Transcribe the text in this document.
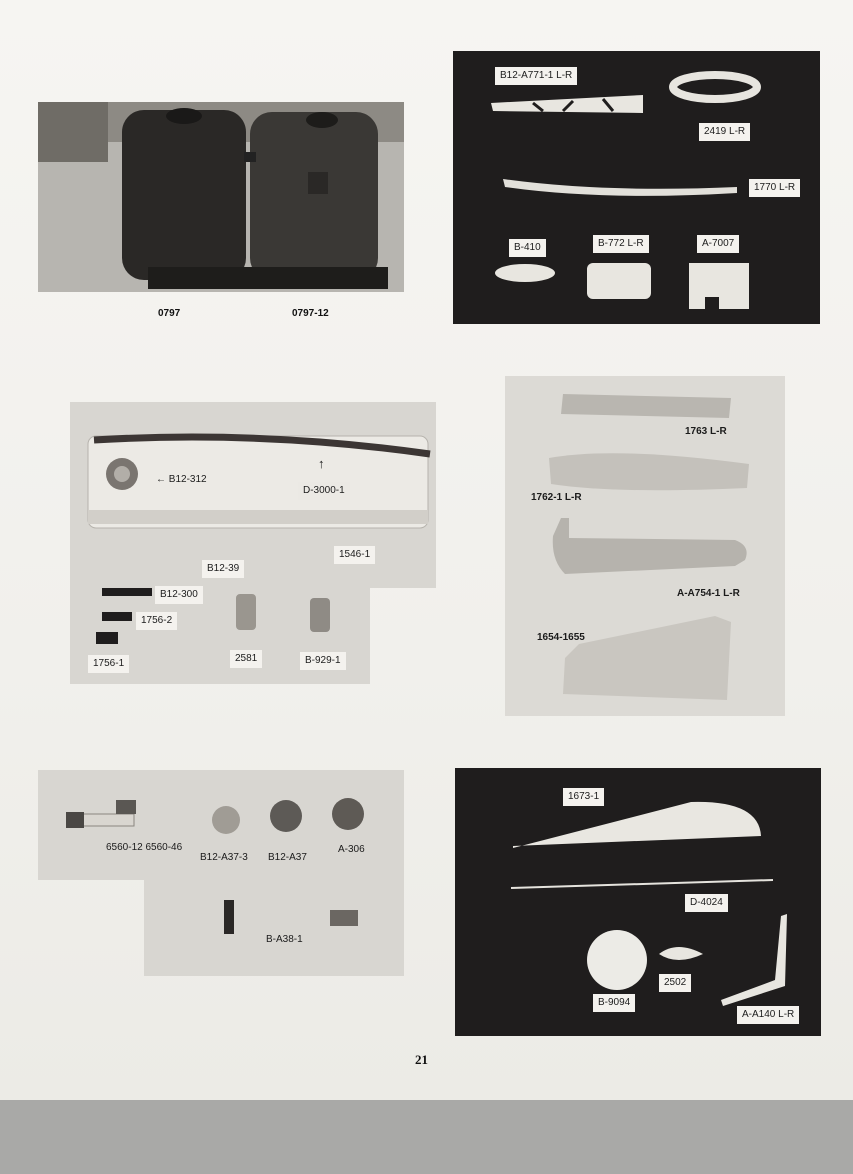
0797	0797-12
B12-A771-1 L-R
2419 L-R
1770 L-R
B-410	B-772 L-R	A-7007
← B12-312
↑
D-3000-1
1546-1
B12-39
B12-300
1756-2
1756-1	2581	B-929-1
1763 L-R
1762-1 L-R
A-A754-1 L-R
1654-1655
6560-12 6560-46
B12-A37-3 B12-A37
A-306
B-A38-1
1673-1
D-4024
B-9094
2502
A-A140 L-R
21
